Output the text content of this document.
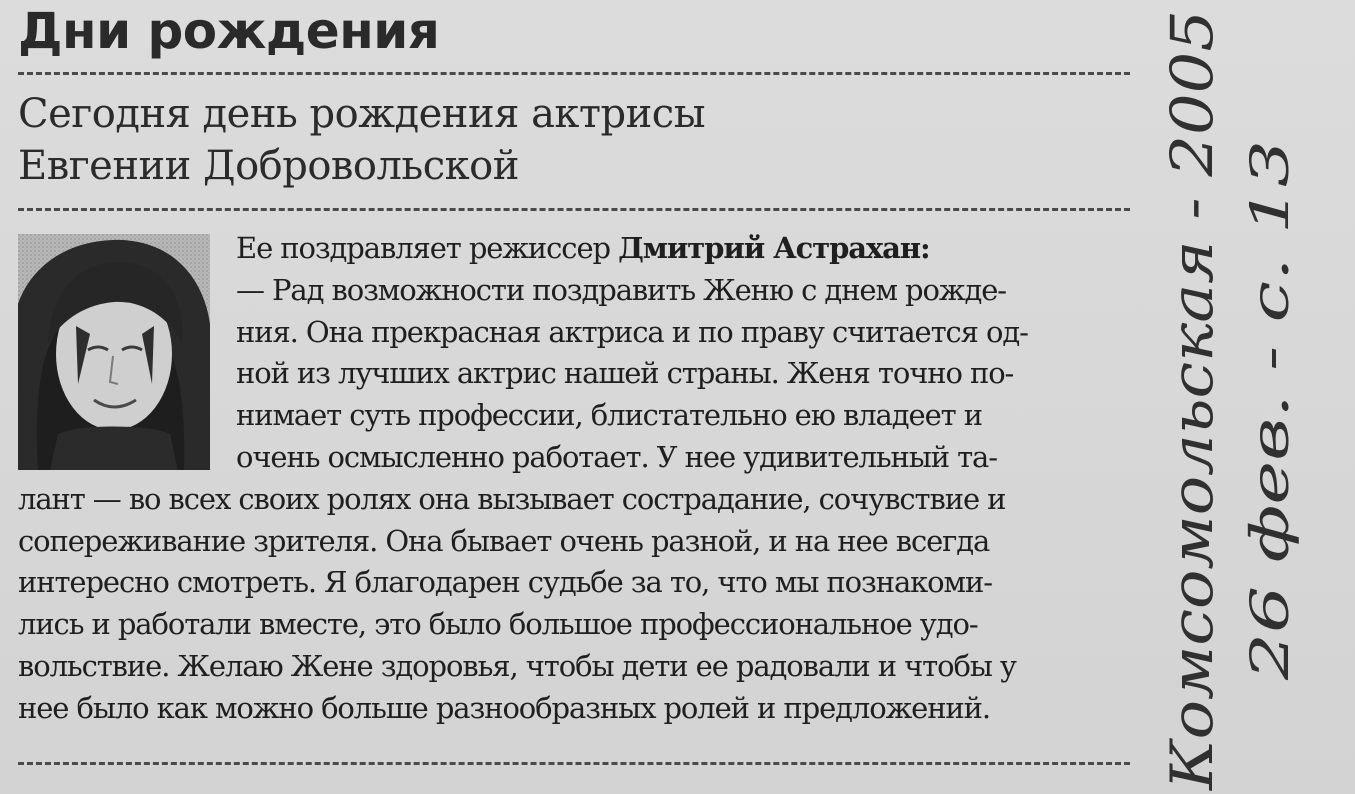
Дни рождения
Сегодня день рождения актрисы
Евгении Добровольской
Ее поздравляет режиссер Дмитрий Астрахан:
— Рад возможности поздравить Женю с днем рожде-
ния. Она прекрасная актриса и по праву считается од-
ной из лучших актрис нашей страны. Женя точно по-
нимает суть профессии, блистательно ею владеет и
очень осмысленно работает. У нее удивительный та-
лант — во всех своих ролях она вызывает сострадание, сочувствие и
сопереживание зрителя. Она бывает очень разной, и на нее всегда
интересно смотреть. Я благодарен судьбе за то, что мы познакоми-
лись и работали вместе, это было большое профессиональное удо-
вольствие. Желаю Жене здоровья, чтобы дети ее радовали и чтобы у
нее было как можно больше разнообразных ролей и предложений.	Комсомольская - 2005 26 фев. - с. 13
